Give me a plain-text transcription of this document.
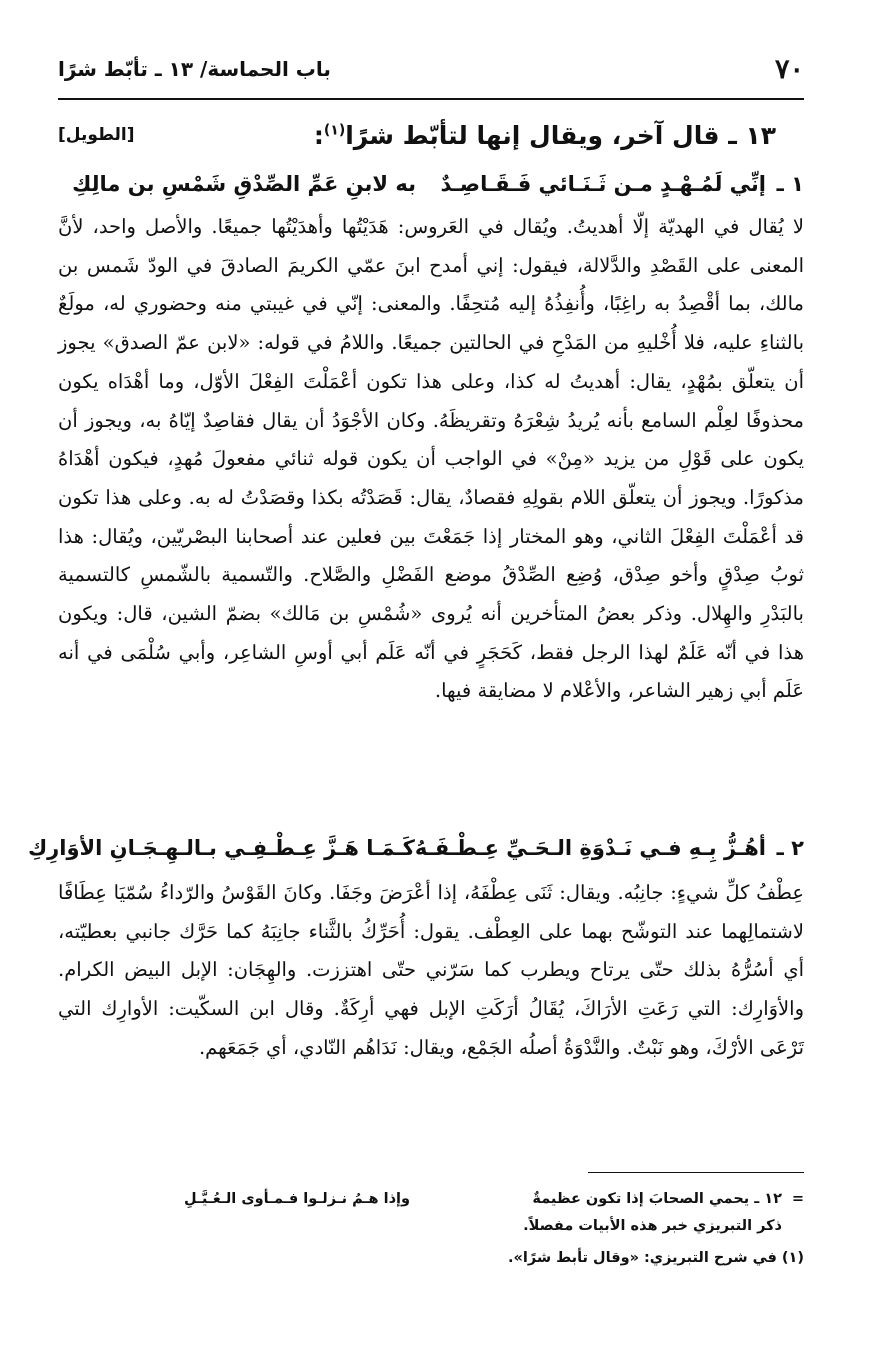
٧٠
باب الحماسة/ ١٣ ـ تأبّط شرًا
١٣ ـ قال آخر، ويقال إنها لتأبّط شرًا$^{(١)}$:
[الطويل]
١ ـ
إنِّي لَمُـهْـدٍ مـن ثَـنَـائي فَـقَـاصِـدٌ
به لابنِ عَمِّ الصِّدْقِ شَمْسِ بن مالِكِ
لا يُقال في الهديّة إلّا أهديتُ. ويُقال في العَروس: هَدَيْتُها وأهدَيْتُها جميعًا. والأصل واحد، لأنَّ المعنى على القَصْدِ والدَّلالة، فيقول: إني أمدح ابنَ عمّي الكريمَ الصادقَ في الودّ شَمس بن مالك، بما أقْصِدُ به راغِبًا، وأُنفِذُهُ إليه مُتحِفًا. والمعنى: إنّي في غيبتي منه وحضوري له، مولَعٌ بالثناءِ عليه، فلا أُخْليهِ من المَدْحِ في الحالتين جميعًا. واللامُ في قوله: «لابن عمّ الصدق» يجوز أن يتعلّق بمُهْدٍ، يقال: أهديتُ له كذا، وعلى هذا تكون أعْمَلْتَ الفِعْلَ الأوّل، وما أهْدَاه يكون محذوفًا لعِلْم السامع بأنه يُريدُ شِعْرَهُ وتقريظَهُ. وكان الأجْوَدُ أن يقال فقاصِدٌ إيّاهُ به، ويجوز أن يكون على قَوْلِ من يزيد «مِنْ» في الواجب أن يكون قوله ثنائي مفعولَ مُهدٍ، فيكون أهْدَاهُ مذكورًا. ويجوز أن يتعلّق اللام بقولِهِ فقصادٌ، يقال: قَصَدْتُه بكذا وقصَدْتُ له به. وعلى هذا تكون قد أعْمَلْتَ الفِعْلَ الثاني، وهو المختار إذا جَمَعْتَ بين فعلين عند أصحابنا البصْريّين، ويُقال: هذا ثوبُ صِدْقٍ وأخو صِدْق، وُضِع الصِّدْقُ موضع الفَضْلِ والصَّلاح. والتّسمية بالشّمسِ كالتسمية بالبَدْرِ والهِلال. وذكر بعضُ المتأخرين أنه يُروى «شُمْسِ بن مَالك» بضمّ الشين، قال: ويكون هذا في أنّه عَلَمٌ لهذا الرجل فقط، كَحَجَرٍ في أنّه عَلَم أبي أوسِ الشاعِر، وأبي سُلْمَى في أنه عَلَم أبي زهير الشاعر، والأعْلام لا مضايقة فيها.
٢ ـ
أهُـزُّ بِـهِ فـي نَـدْوَةِ الـحَـيِّ عِـطْـفَـهُ
كَـمَـا هَـزَّ عِـطْـفِـي بـالـهِـجَـانِ الأوَارِكِ
عِطْفُ كلِّ شيءٍ: جانِبُه. ويقال: ثَنَى عِطْفَهُ، إذا أعْرَضَ وجَفَا. وكانَ القَوْسُ والرّداءُ سُمّيَا عِطَافًا لاشتمالِهما عند التوشّح بهما على العِطْف. يقول: أُحَرِّكُ بالثَّناء جانِبَهُ كما حَرَّك جانبي بعطيّته، أي أسُرُّهُ بذلك حتّى يرتاح ويطرب كما سَرّني حتّى اهتززت. والهِجَان: الإبل البيض الكرام. والأوَارِك: التي رَعَتِ الأرَاكَ، يُقَالُ أرَكَتِ الإبل فهي أرِكَةٌ. وقال ابن السكّيت: الأوارِك التي تَرْعَى الأرْكَ، وهو نَبْتٌ. والنَّدْوَةُ أصلُه الجَمْع، ويقال: نَدَاهُم النّادي، أي جَمَعَهم.
=
١٢ ـ يحمي الصحابَ إذا تكون عظيمةٌ
وإذا هـمُ نـزلـوا فـمـأوى الـعُـيَّـلِ
ذكر التبريزي خبر هذه الأبيات مفصلاً.
(١) في شرح التبريزي: «وقال تأبط شرًا».
